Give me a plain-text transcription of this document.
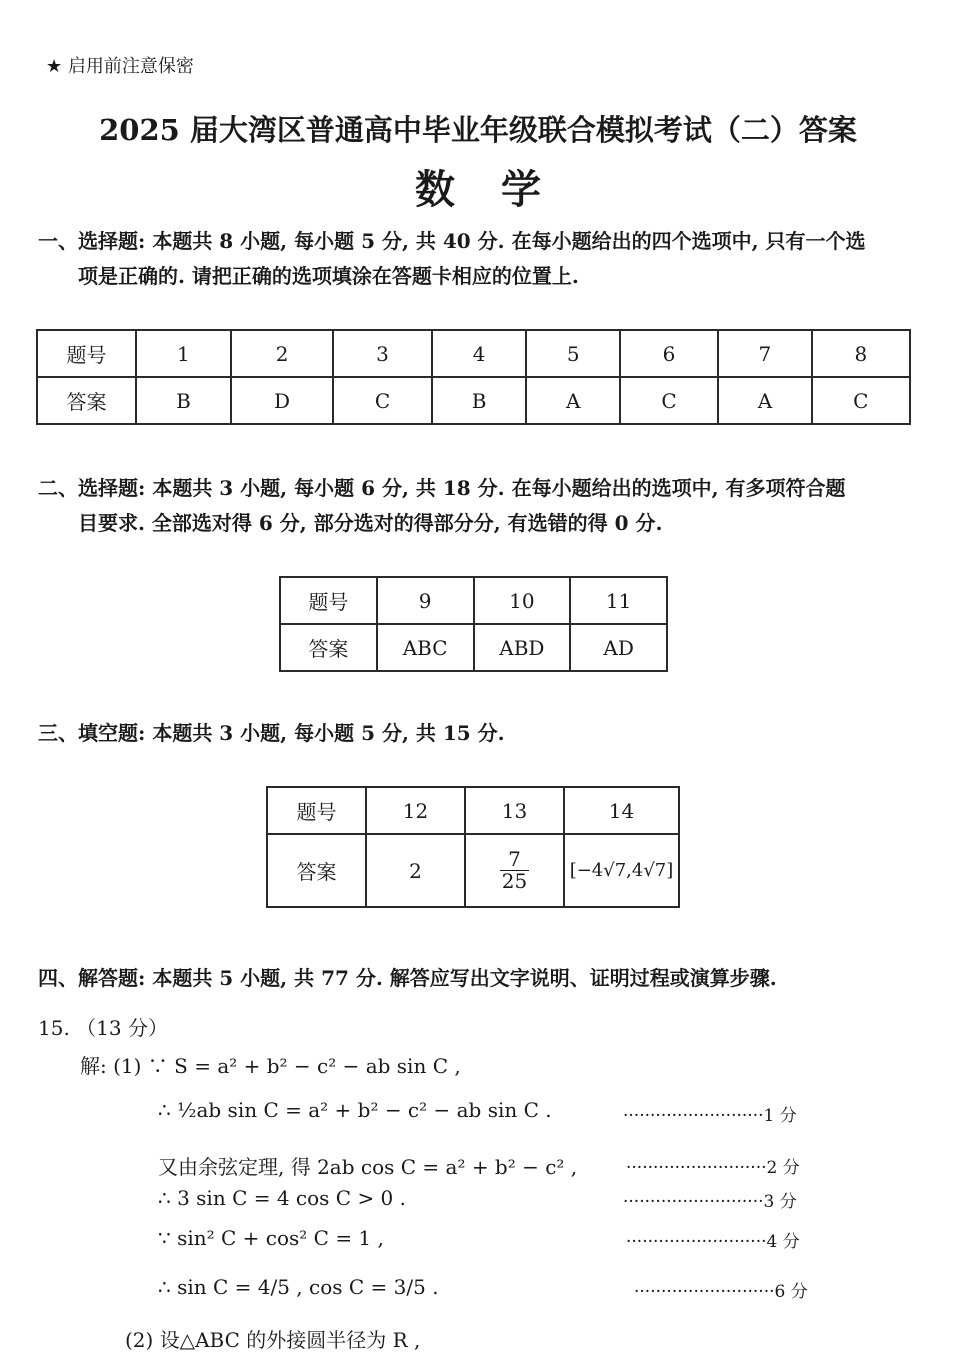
★ 启用前注意保密
2025 届大湾区普通高中毕业年级联合模拟考试（二）答案
数学
一、选择题: 本题共 8 小题, 每小题 5 分, 共 40 分. 在每小题给出的四个选项中, 只有一个选
项是正确的. 请把正确的选项填涂在答题卡相应的位置上.
题号	1	2	3	4	5	6	7	8
答案	B	D	C	B	A	C	A	C
二、选择题: 本题共 3 小题, 每小题 6 分, 共 18 分. 在每小题给出的选项中, 有多项符合题
目要求. 全部选对得 6 分, 部分选对的得部分分, 有选错的得 0 分.
题号	9	10	11
答案	ABC	ABD	AD
三、填空题: 本题共 3 小题, 每小题 5 分, 共 15 分.
题号	12	13	14
答案	2	$\frac{7}{25}$	[−4√7,4√7]
四、解答题: 本题共 5 小题, 共 77 分. 解答应写出文字说明、证明过程或演算步骤.
15. （13 分）
解: (1) ∵ S = a² + b² − c² − ab sin C ,
∴ ½ab sin C = a² + b² − c² − ab sin C .
又由余弦定理, 得 2ab cos C = a² + b² − c² ,
∴ 3 sin C = 4 cos C > 0 .
∵ sin² C + cos² C = 1 ,
∴ sin C = 4/5 , cos C = 3/5 .
(2) 设△ABC 的外接圆半径为 R ,
··························1 分
··························2 分
··························3 分
··························4 分
··························6 分
